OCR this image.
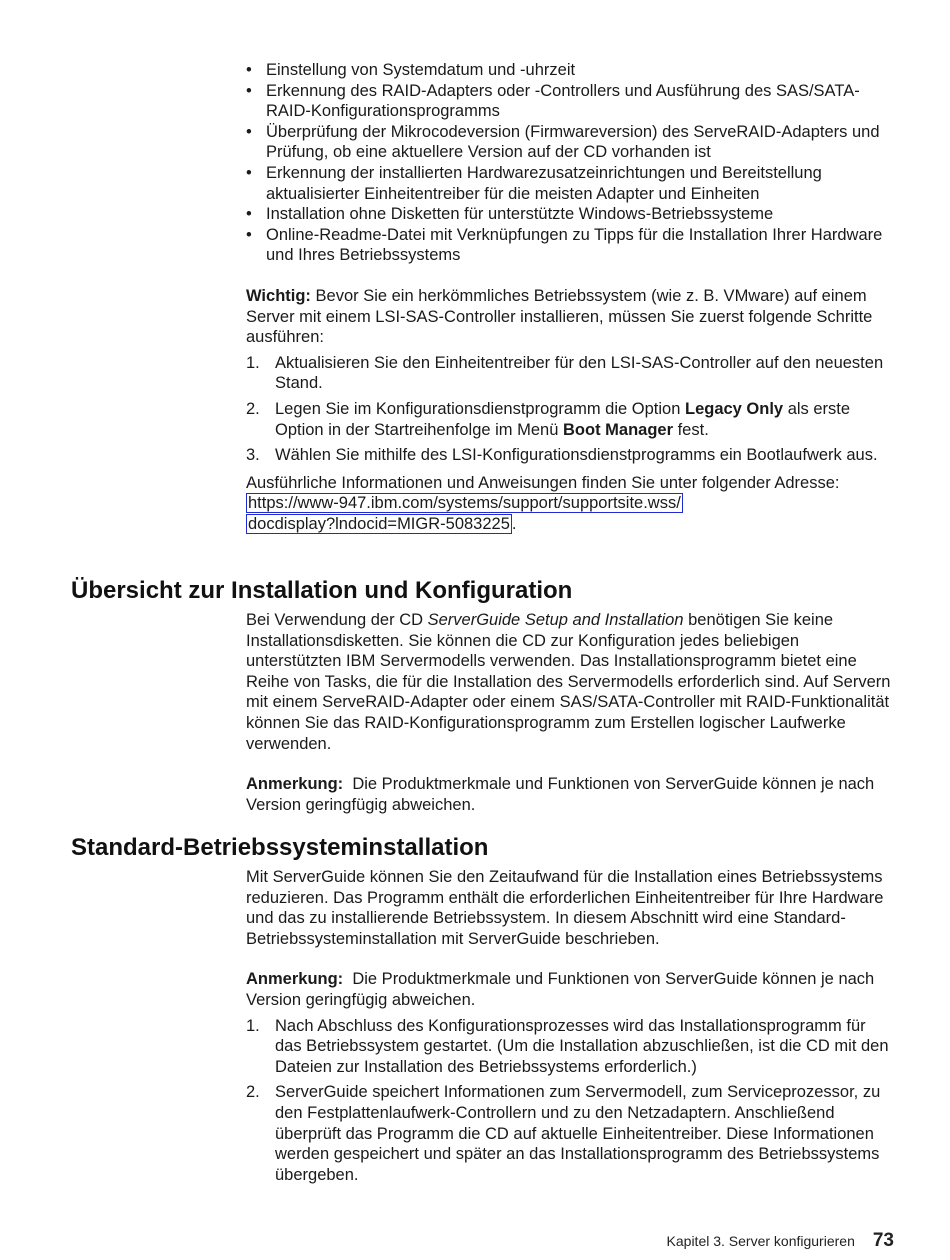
• Einstellung von Systemdatum und -uhrzeit
• Erkennung des RAID-Adapters oder -Controllers und Ausführung des SAS/SATA-RAID-Konfigurationsprogramms
• Überprüfung der Mikrocodeversion (Firmwareversion) des ServeRAID-Adapters und Prüfung, ob eine aktuellere Version auf der CD vorhanden ist
• Erkennung der installierten Hardwarezusatzeinrichtungen und Bereitstellung aktualisierter Einheitentreiber für die meisten Adapter und Einheiten
• Installation ohne Disketten für unterstützte Windows-Betriebssysteme
• Online-Readme-Datei mit Verknüpfungen zu Tipps für die Installation Ihrer Hardware und Ihres Betriebssystems

Wichtig: Bevor Sie ein herkömmliches Betriebssystem (wie z. B. VMware) auf einem Server mit einem LSI-SAS-Controller installieren, müssen Sie zuerst folgende Schritte ausführen:

1. Aktualisieren Sie den Einheitentreiber für den LSI-SAS-Controller auf den neuesten Stand.
2. Legen Sie im Konfigurationsdienstprogramm die Option Legacy Only als erste Option in der Startreihenfolge im Menü Boot Manager fest.
3. Wählen Sie mithilfe des LSI-Konfigurationsdienstprogramms ein Bootlaufwerk aus.

Ausführliche Informationen und Anweisungen finden Sie unter folgender Adresse:
https://www-947.ibm.com/systems/support/supportsite.wss/
docdisplay?lndocid=MIGR-5083225 .

Übersicht zur Installation und Konfiguration

Bei Verwendung der CD ServerGuide Setup and Installation benötigen Sie keine Installationsdisketten. Sie können die CD zur Konfiguration jedes beliebigen unterstützten IBM Servermodells verwenden. Das Installationsprogramm bietet eine Reihe von Tasks, die für die Installation des Servermodells erforderlich sind. Auf Servern mit einem ServeRAID-Adapter oder einem SAS/SATA-Controller mit RAID-Funktionalität können Sie das RAID-Konfigurationsprogramm zum Erstellen logischer Laufwerke verwenden.

Anmerkung:  Die Produktmerkmale und Funktionen von ServerGuide können je nach Version geringfügig abweichen.

Standard-Betriebssysteminstallation

Mit ServerGuide können Sie den Zeitaufwand für die Installation eines Betriebssystems reduzieren. Das Programm enthält die erforderlichen Einheitentreiber für Ihre Hardware und das zu installierende Betriebssystem. In diesem Abschnitt wird eine Standard-Betriebssysteminstallation mit ServerGuide beschrieben.

Anmerkung:  Die Produktmerkmale und Funktionen von ServerGuide können je nach Version geringfügig abweichen.

1. Nach Abschluss des Konfigurationsprozesses wird das Installationsprogramm für das Betriebssystem gestartet. (Um die Installation abzuschließen, ist die CD mit den Dateien zur Installation des Betriebssystems erforderlich.)
2. ServerGuide speichert Informationen zum Servermodell, zum Serviceprozessor, zu den Festplattenlaufwerk-Controllern und zu den Netzadaptern. Anschließend überprüft das Programm die CD auf aktuelle Einheitentreiber. Diese Informationen werden gespeichert und später an das Installationsprogramm des Betriebssystems übergeben.
Kapitel 3. Server konfigurieren 73
